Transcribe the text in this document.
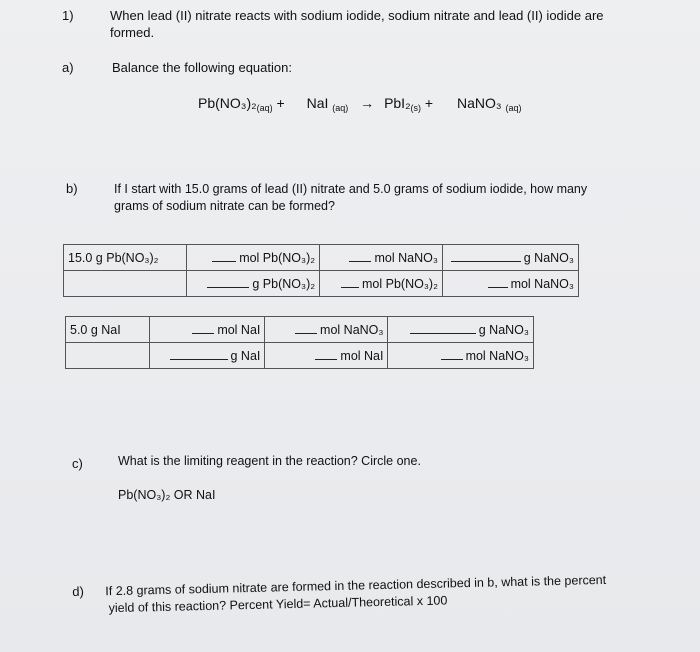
1)	When lead (II) nitrate reacts with sodium iodide, sodium nitrate and lead (II) iodide are
formed.
a)	Balance the following equation:
$Pb(NO_3)_2_{(aq)}$ + NaI $_{(aq)} \to PbI_2_{(s)}$ + NaNO₃ $_{(aq)}$
b)	If I start with 15.0 grams of lead (II) nitrate and 5.0 grams of sodium iodide, how many
grams of sodium nitrate can be formed?
15.0 g Pb(NO₃)₂	mol Pb(NO₃)₂	mol NaNO₃	g NaNO₃
	g Pb(NO₃)₂	mol Pb(NO₃)₂	mol NaNO₃
5.0 g NaI	mol NaI	mol NaNO₃	g NaNO₃
	g NaI	mol NaI	mol NaNO₃
c)	What is the limiting reagent in the reaction? Circle one.
Pb(NO₃)₂ OR NaI
d) If 2.8 grams of sodium nitrate are formed in the reaction described in b, what is the percent
yield of this reaction? Percent Yield= Actual/Theoretical x 100
